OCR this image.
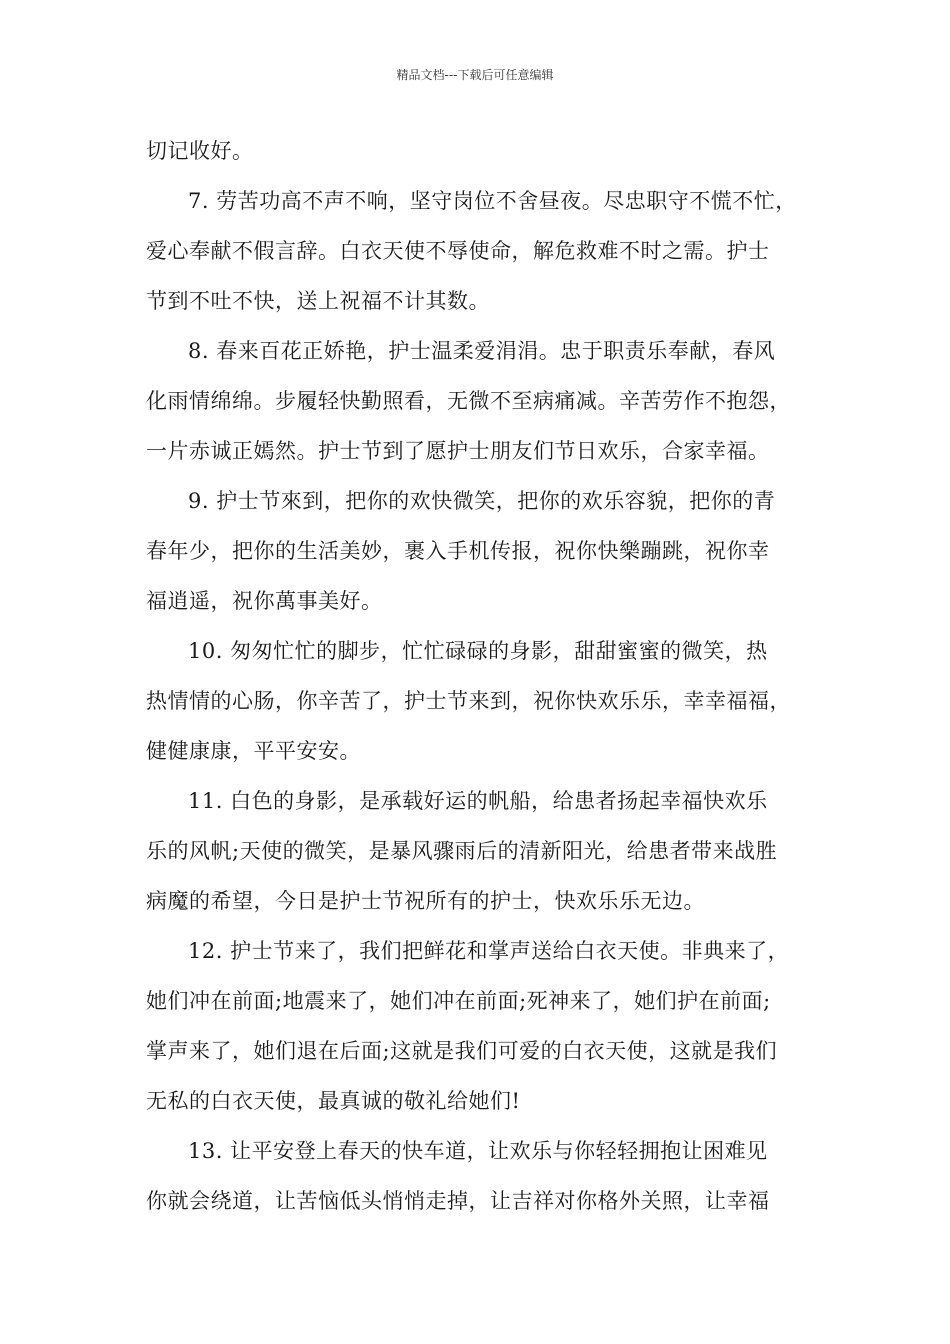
精品文档---下载后可任意编辑
切记收好。
7. 劳苦功高不声不响，坚守岗位不舍昼夜。尽忠职守不慌不忙，
爱心奉献不假言辞。白衣天使不辱使命，解危救难不时之需。护士
节到不吐不快，送上祝福不计其数。
8. 春来百花正娇艳，护士温柔爱涓涓。忠于职责乐奉献，春风
化雨情绵绵。步履轻快勤照看，无微不至病痛减。辛苦劳作不抱怨，
一片赤诚正嫣然。护士节到了愿护士朋友们节日欢乐，合家幸福。
9. 护士节來到，把你的欢快微笑，把你的欢乐容貌，把你的青
春年少，把你的生活美妙，裹入手机传报，祝你快樂蹦跳，祝你幸
福逍遥，祝你萬事美好。
10. 匆匆忙忙的脚步，忙忙碌碌的身影，甜甜蜜蜜的微笑，热
热情情的心肠，你辛苦了，护士节来到，祝你快欢乐乐，幸幸福福，
健健康康，平平安安。
11. 白色的身影，是承载好运的帆船，给患者扬起幸福快欢乐
乐的风帆;天使的微笑，是暴风骤雨后的清新阳光，给患者带来战胜
病魔的希望，今日是护士节祝所有的护士，快欢乐乐无边。
12. 护士节来了，我们把鲜花和掌声送给白衣天使。非典来了，
她们冲在前面;地震来了，她们冲在前面;死神来了，她们护在前面;
掌声来了，她们退在后面;这就是我们可爱的白衣天使，这就是我们
无私的白衣天使，最真诚的敬礼给她们!
13. 让平安登上春天的快车道，让欢乐与你轻轻拥抱让困难见
你就会绕道，让苦恼低头悄悄走掉，让吉祥对你格外关照，让幸福
